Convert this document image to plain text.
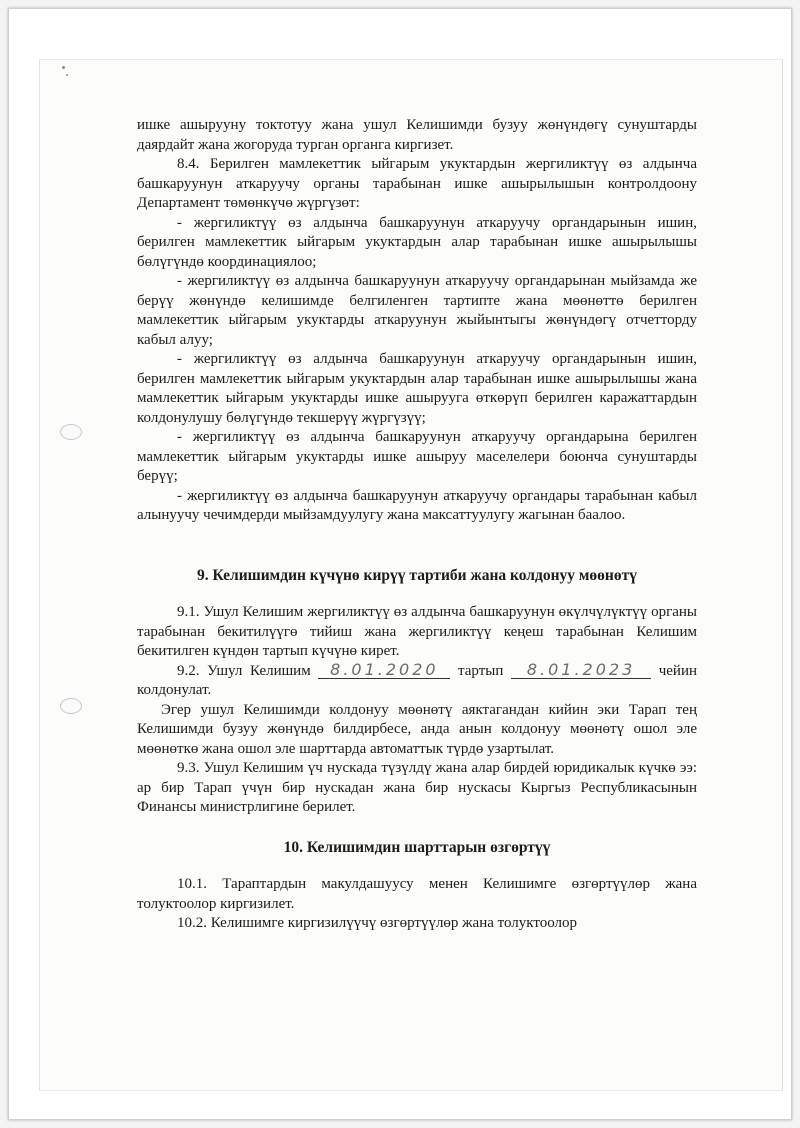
ишке ашырууну токтотуу жана ушул Келишимди бузуу жөнүндөгү сунуштарды даярдайт жана жогоруда турган органга киргизет.

8.4. Берилген мамлекеттик ыйгарым укуктардын жергиликтүү өз алдынча башкаруунун аткаруучу органы тарабынан ишке ашырылышын контролдоону Департамент төмөнкүчө жүргүзөт:

- жергиликтүү өз алдынча башкаруунун аткаруучу органдарынын ишин, берилген мамлекеттик ыйгарым укуктардын алар тарабынан ишке ашырылышы бөлүгүндө координациялоо;

- жергиликтүү өз алдынча башкаруунун аткаруучу органдарынан мыйзамда же берүү жөнүндө келишимде белгиленген тартипте жана мөөнөттө берилген мамлекеттик ыйгарым укуктарды аткаруунун жыйынтыгы жөнүндөгү отчетторду кабыл алуу;

- жергиликтүү өз алдынча башкаруунун аткаруучу органдарынын ишин, берилген мамлекеттик ыйгарым укуктардын алар тарабынан ишке ашырылышы жана мамлекеттик ыйгарым укуктарды ишке ашырууга өткөрүп берилген каражаттардын колдонулушу бөлүгүндө текшерүү жүргүзүү;

- жергиликтүү өз алдынча башкаруунун аткаруучу органдарына берилген мамлекеттик ыйгарым укуктарды ишке ашыруу маселелери боюнча сунуштарды берүү;

- жергиликтүү өз алдынча башкаруунун аткаруучу органдары тарабынан кабыл алынуучу чечимдерди мыйзамдуулугу жана максаттуулугу жагынан баалоо.

9. Келишимдин күчүнө кирүү тартиби жана колдонуу мөөнөтү

9.1. Ушул Келишим жергиликтүү өз алдынча башкаруунун өкүлчүлүктүү органы тарабынан бекитилүүгө тийиш жана жергиликтүү кеңеш тарабынан Келишим бекитилген күндөн тартып күчүнө кирет.

9.2. Ушул Келишим 8.01.2020 тартып 8.01.2023 чейин колдонулат.

Эгер ушул Келишимди колдонуу мөөнөтү аяктагандан кийин эки Тарап тең Келишимди бузуу жөнүндө билдирбесе, анда анын колдонуу мөөнөтү ошол эле мөөнөткө жана ошол эле шарттарда автоматтык түрдө узартылат.

9.3. Ушул Келишим үч нускада түзүлдү жана алар бирдей юридикалык күчкө ээ: ар бир Тарап үчүн бир нускадан жана бир нускасы Кыргыз Республикасынын Финансы министрлигине берилет.

10. Келишимдин шарттарын өзгөртүү

10.1. Тараптардын макулдашуусу менен Келишимге өзгөртүүлөр жана толуктоолор киргизилет.

10.2. Келишимге киргизилүүчү өзгөртүүлөр жана толуктоолор
